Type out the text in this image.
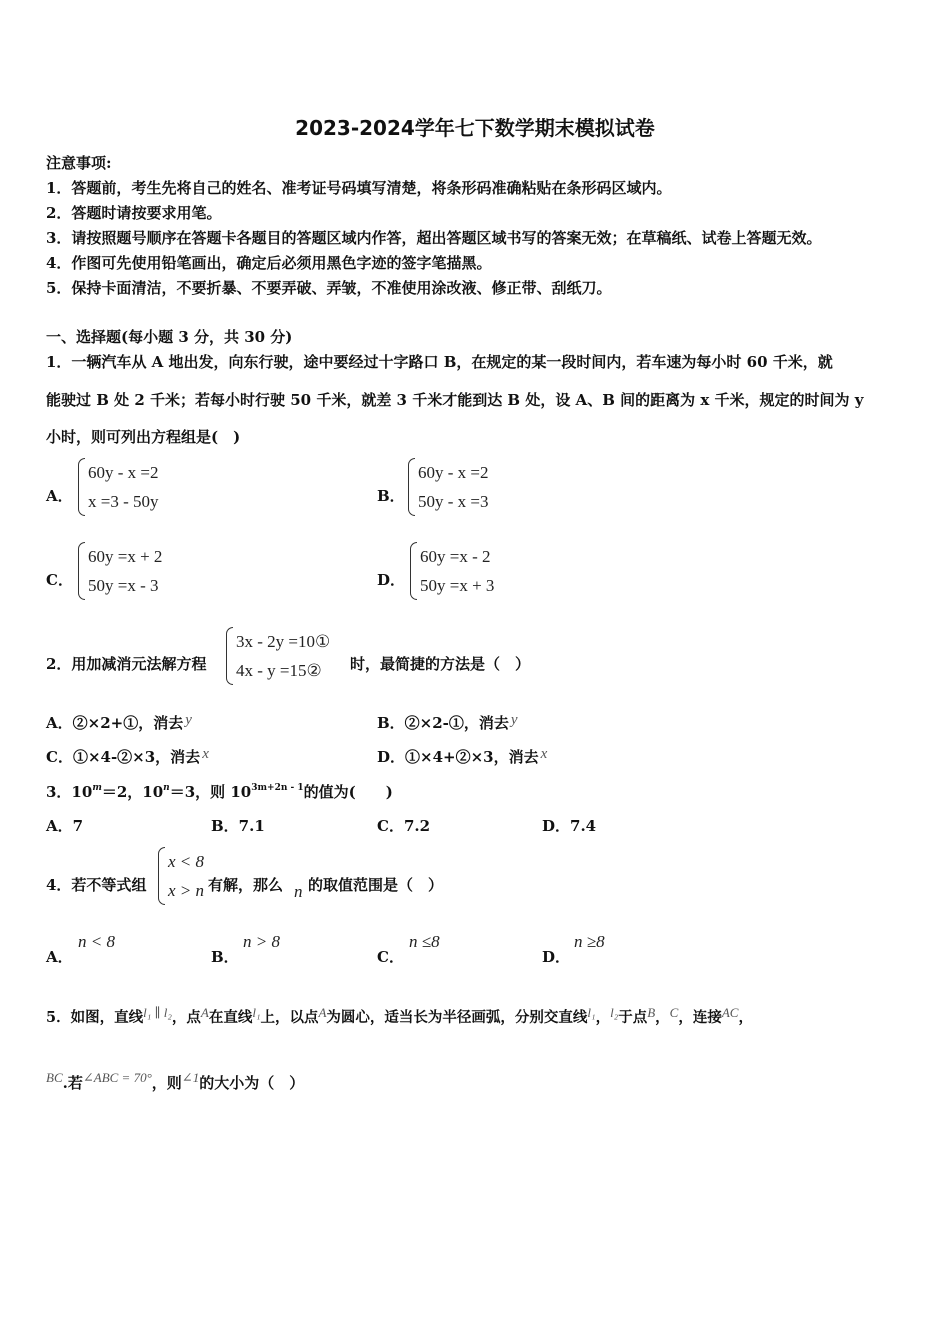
2023-2024学年七下数学期末模拟试卷
注意事项:
1．答题前，考生先将自己的姓名、准考证号码填写清楚，将条形码准确粘贴在条形码区域内。
2．答题时请按要求用笔。
3．请按照题号顺序在答题卡各题目的答题区域内作答，超出答题区域书写的答案无效；在草稿纸、试卷上答题无效。
4．作图可先使用铅笔画出，确定后必须用黑色字迹的签字笔描黑。
5．保持卡面清洁，不要折暴、不要弄破、弄皱，不准使用涂改液、修正带、刮纸刀。
一、选择题(每小题 3 分，共 30 分)
1．一辆汽车从 A 地出发，向东行驶，途中要经过十字路口 B，在规定的某一段时间内，若车速为每小时 60 千米，就
能驶过 B 处 2 千米；若每小时行驶 50 千米，就差 3 千米才能到达 B 处，设 A、B 间的距离为 x 千米，规定的时间为 y
小时，则可列出方程组是(　)
A．
60y - x =2
x =3 - 50y	B．
60y - x =2
50y - x =3
C．
60y =x + 2
50y =x - 3	D．
60y =x - 2
50y =x + 3
2．用加减消元法解方程
3x - 2y =10①
4x - y =15②	时，最简捷的方法是（　）
A．②×2+①，消去 y	B．②×2-①，消去 y
C．①×4-②×3，消去 x	D．①×4+②×3，消去 x
3．$10^m=2$，$10^n=3$，则 $10^{3m+2n - 1}$的值为(　　)
A．7	B．7.1	C．7.2	D．7.4
4．若不等式组
x < 8
x > n 有解，那么 n 的取值范围是（　）
A．
n < 8
B．
n > 8
C．
n ≤8
D．
n ≥8
5．如图，直线l₁ ∥ l₂，点A在直线l₁上，以点A为圆心，适当长为半径画弧，分别交直线l₁，l₂于点B，C，连接AC，
BC.若∠ABC = 70°，则∠1的大小为（　）
